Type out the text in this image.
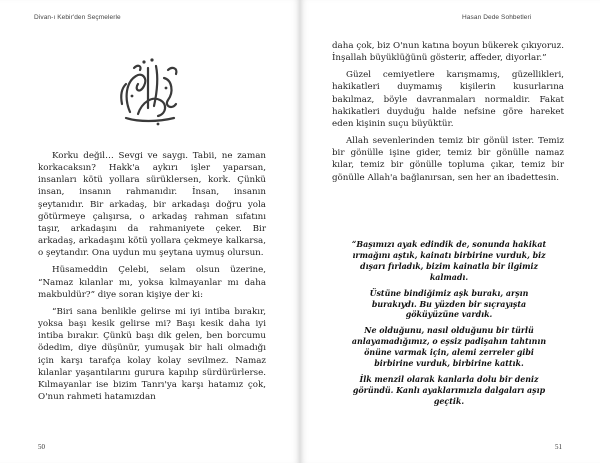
Divan-ı Kebir'den Seçmelerle

Korku değil… Sevgi ve saygı. Tabii, ne zaman korkacaksın? Hakk'a aykırı işler yaparsan, insanları kötü yollara sürüklersen, kork. Çünkü insan, insanın rahmanıdır. İnsan, insanın şeytanıdır. Bir arkadaş, bir arkadaşı doğru yola götürmeye çalışırsa, o arkadaş rahman sıfatını taşır, arkadaşını da rahmaniyete çeker. Bir arkadaş, arkadaşını kötü yollara çekmeye kalkarsa, o şeytandır. Ona uydun mu şeytana uymuş olursun.

Hüsameddin Çelebi, selam olsun üzerine, “Namaz kılanlar mı, yoksa kılmayanlar mı daha makbuldür?” diye soran kişiye der ki:

“Biri sana benlikle gelirse mi iyi intiba bırakır, yoksa başı kesik gelirse mi? Başı kesik daha iyi intiba bırakır. Çünkü başı dik gelen, ben borcumu ödedim, diye düşünür, yumuşak bir hali olmadığı için karşı tarafça kolay kolay sevilmez. Namaz kılanlar yaşantılarını gurura kapılıp sürdürürlerse. Kılmayanlar ise bizim Tanrı'ya karşı hatamız çok, O'nun rahmeti hatamızdan

50
Hasan Dede Sohbetleri

daha çok, biz O'nun katına boyun bükerek çıkıyoruz. İnşallah büyüklüğünü gösterir, affeder, diyorlar.”

Güzel cemiyetlere karışmamış, güzellikleri, hakikatleri duymamış kişilerin kusurlarına bakılmaz, böyle davranmaları normaldir. Fakat hakikatleri duyduğu halde nefsine göre hareket eden kişinin suçu büyüktür.

Allah sevenlerinden temiz bir gönül ister. Temiz bir gönülle işine gider, temiz bir gönülle namaz kılar, temiz bir gönülle topluma çıkar, temiz bir gönülle Allah'a bağlanırsan, sen her an ibadettesin.

“Başımızı ayak edindik de, sonunda hakikat ırmağını aştık, kainatı birbirine vurduk, biz dışarı fırladık, bizim kainatla bir ilgimiz kalmadı.

Üstüne bindiğimiz aşk burakı, arşın burakıydı. Bu yüzden bir sıçrayışta göküyüzüne vardık.

Ne olduğunu, nasıl olduğunu bir türlü anlayamadığımız, o eşsiz padişahın tahtının önüne varmak için, alemi zerreler gibi birbirine vurduk, birbirine kattık.

İlk menzil olarak kanlarla dolu bir deniz göründü. Kanlı ayaklarımızla dalgaları aşıp geçtik.

51
